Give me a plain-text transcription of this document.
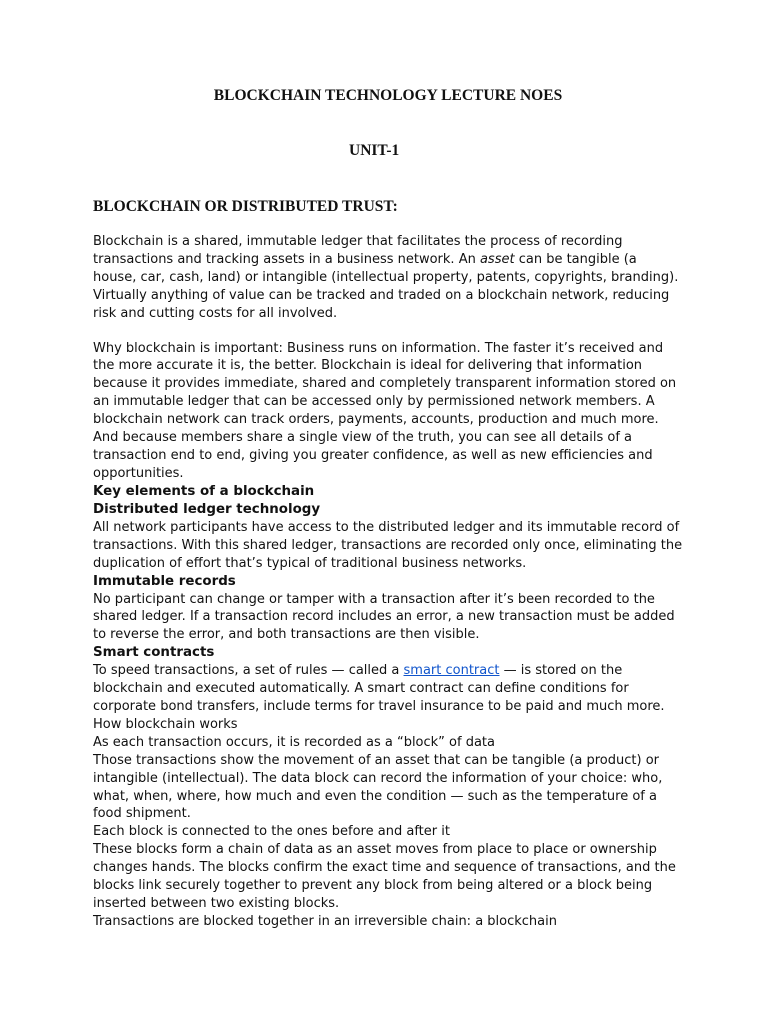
BLOCKCHAIN TECHNOLOGY LECTURE NOES
UNIT-1
BLOCKCHAIN OR DISTRIBUTED TRUST:

Blockchain is a shared, immutable ledger that facilitates the process of recording transactions and tracking assets in a business network. An asset can be tangible (a house, car, cash, land) or intangible (intellectual property, patents, copyrights, branding). Virtually anything of value can be tracked and traded on a blockchain network, reducing risk and cutting costs for all involved.

Why blockchain is important: Business runs on information. The faster it’s received and the more accurate it is, the better. Blockchain is ideal for delivering that information because it provides immediate, shared and completely transparent information stored on an immutable ledger that can be accessed only by permissioned network members. A blockchain network can track orders, payments, accounts, production and much more. And because members share a single view of the truth, you can see all details of a transaction end to end, giving you greater confidence, as well as new efficiencies and opportunities.

Key elements of a blockchain
Distributed ledger technology

All network participants have access to the distributed ledger and its immutable record of transactions. With this shared ledger, transactions are recorded only once, eliminating the duplication of effort that’s typical of traditional business networks.

Immutable records

No participant can change or tamper with a transaction after it’s been recorded to the shared ledger. If a transaction record includes an error, a new transaction must be added to reverse the error, and both transactions are then visible.

Smart contracts

To speed transactions, a set of rules — called a smart contract — is stored on the blockchain and executed automatically. A smart contract can define conditions for corporate bond transfers, include terms for travel insurance to be paid and much more.

How blockchain works

As each transaction occurs, it is recorded as a “block” of data

Those transactions show the movement of an asset that can be tangible (a product) or intangible (intellectual). The data block can record the information of your choice: who, what, when, where, how much and even the condition — such as the temperature of a food shipment.

Each block is connected to the ones before and after it

These blocks form a chain of data as an asset moves from place to place or ownership changes hands. The blocks confirm the exact time and sequence of transactions, and the blocks link securely together to prevent any block from being altered or a block being inserted between two existing blocks.

Transactions are blocked together in an irreversible chain: a blockchain
